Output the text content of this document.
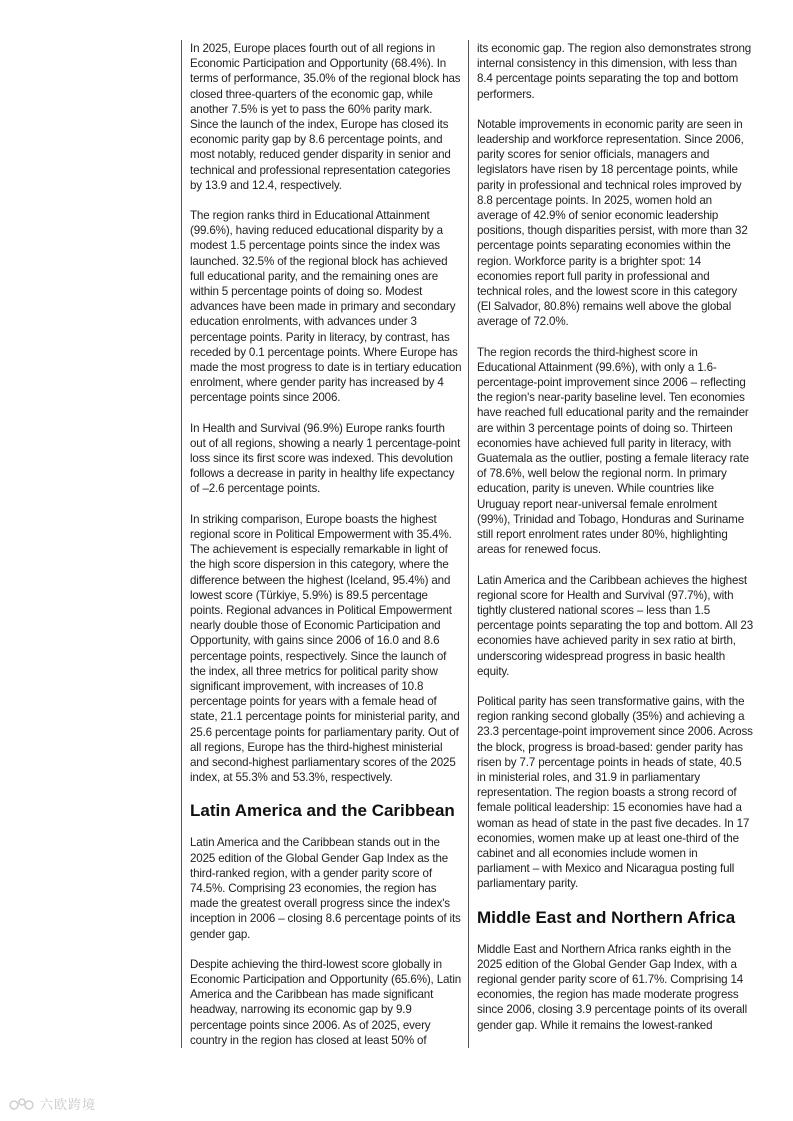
In 2025, Europe places fourth out of all regions in Economic Participation and Opportunity (68.4%). In terms of performance, 35.0% of the regional block has closed three-quarters of the economic gap, while another 7.5% is yet to pass the 60% parity mark. Since the launch of the index, Europe has closed its economic parity gap by 8.6 percentage points, and most notably, reduced gender disparity in senior and technical and professional representation categories by 13.9 and 12.4, respectively.

The region ranks third in Educational Attainment (99.6%), having reduced educational disparity by a modest 1.5 percentage points since the index was launched. 32.5% of the regional block has achieved full educational parity, and the remaining ones are within 5 percentage points of doing so. Modest advances have been made in primary and secondary education enrolments, with advances under 3 percentage points. Parity in literacy, by contrast, has receded by 0.1 percentage points. Where Europe has made the most progress to date is in tertiary education enrolment, where gender parity has increased by 4 percentage points since 2006.

In Health and Survival (96.9%) Europe ranks fourth out of all regions, showing a nearly 1 percentage-point loss since its first score was indexed. This devolution follows a decrease in parity in healthy life expectancy of –2.6 percentage points.

In striking comparison, Europe boasts the highest regional score in Political Empowerment with 35.4%. The achievement is especially remarkable in light of the high score dispersion in this category, where the difference between the highest (Iceland, 95.4%) and lowest score (Türkiye, 5.9%) is 89.5 percentage points. Regional advances in Political Empowerment nearly double those of Economic Participation and Opportunity, with gains since 2006 of 16.0 and 8.6 percentage points, respectively. Since the launch of the index, all three metrics for political parity show significant improvement, with increases of 10.8 percentage points for years with a female head of state, 21.1 percentage points for ministerial parity, and 25.6 percentage points for parliamentary parity. Out of all regions, Europe has the third-highest ministerial and second-highest parliamentary scores of the 2025 index, at 55.3% and 53.3%, respectively.

Latin America and the Caribbean

Latin America and the Caribbean stands out in the 2025 edition of the Global Gender Gap Index as the third-ranked region, with a gender parity score of 74.5%. Comprising 23 economies, the region has made the greatest overall progress since the index's inception in 2006 – closing 8.6 percentage points of its gender gap.

Despite achieving the third-lowest score globally in Economic Participation and Opportunity (65.6%), Latin America and the Caribbean has made significant headway, narrowing its economic gap by 9.9 percentage points since 2006. As of 2025, every country in the region has closed at least 50% of

its economic gap. The region also demonstrates strong internal consistency in this dimension, with less than 8.4 percentage points separating the top and bottom performers.

Notable improvements in economic parity are seen in leadership and workforce representation. Since 2006, parity scores for senior officials, managers and legislators have risen by 18 percentage points, while parity in professional and technical roles improved by 8.8 percentage points. In 2025, women hold an average of 42.9% of senior economic leadership positions, though disparities persist, with more than 32 percentage points separating economies within the region. Workforce parity is a brighter spot: 14 economies report full parity in professional and technical roles, and the lowest score in this category (El Salvador, 80.8%) remains well above the global average of 72.0%.

The region records the third-highest score in Educational Attainment (99.6%), with only a 1.6-percentage-point improvement since 2006 – reflecting the region's near-parity baseline level. Ten economies have reached full educational parity and the remainder are within 3 percentage points of doing so. Thirteen economies have achieved full parity in literacy, with Guatemala as the outlier, posting a female literacy rate of 78.6%, well below the regional norm. In primary education, parity is uneven. While countries like Uruguay report near-universal female enrolment (99%), Trinidad and Tobago, Honduras and Suriname still report enrolment rates under 80%, highlighting areas for renewed focus.

Latin America and the Caribbean achieves the highest regional score for Health and Survival (97.7%), with tightly clustered national scores – less than 1.5 percentage points separating the top and bottom. All 23 economies have achieved parity in sex ratio at birth, underscoring widespread progress in basic health equity.

Political parity has seen transformative gains, with the region ranking second globally (35%) and achieving a 23.3 percentage-point improvement since 2006. Across the block, progress is broad-based: gender parity has risen by 7.7 percentage points in heads of state, 40.5 in ministerial roles, and 31.9 in parliamentary representation. The region boasts a strong record of female political leadership: 15 economies have had a woman as head of state in the past five decades. In 17 economies, women make up at least one-third of the cabinet and all economies include women in parliament – with Mexico and Nicaragua posting full parliamentary parity.

Middle East and Northern Africa

Middle East and Northern Africa ranks eighth in the 2025 edition of the Global Gender Gap Index, with a regional gender parity score of 61.7%. Comprising 14 economies, the region has made moderate progress since 2006, closing 3.9 percentage points of its overall gender gap. While it remains the lowest-ranked

六欧跨境
